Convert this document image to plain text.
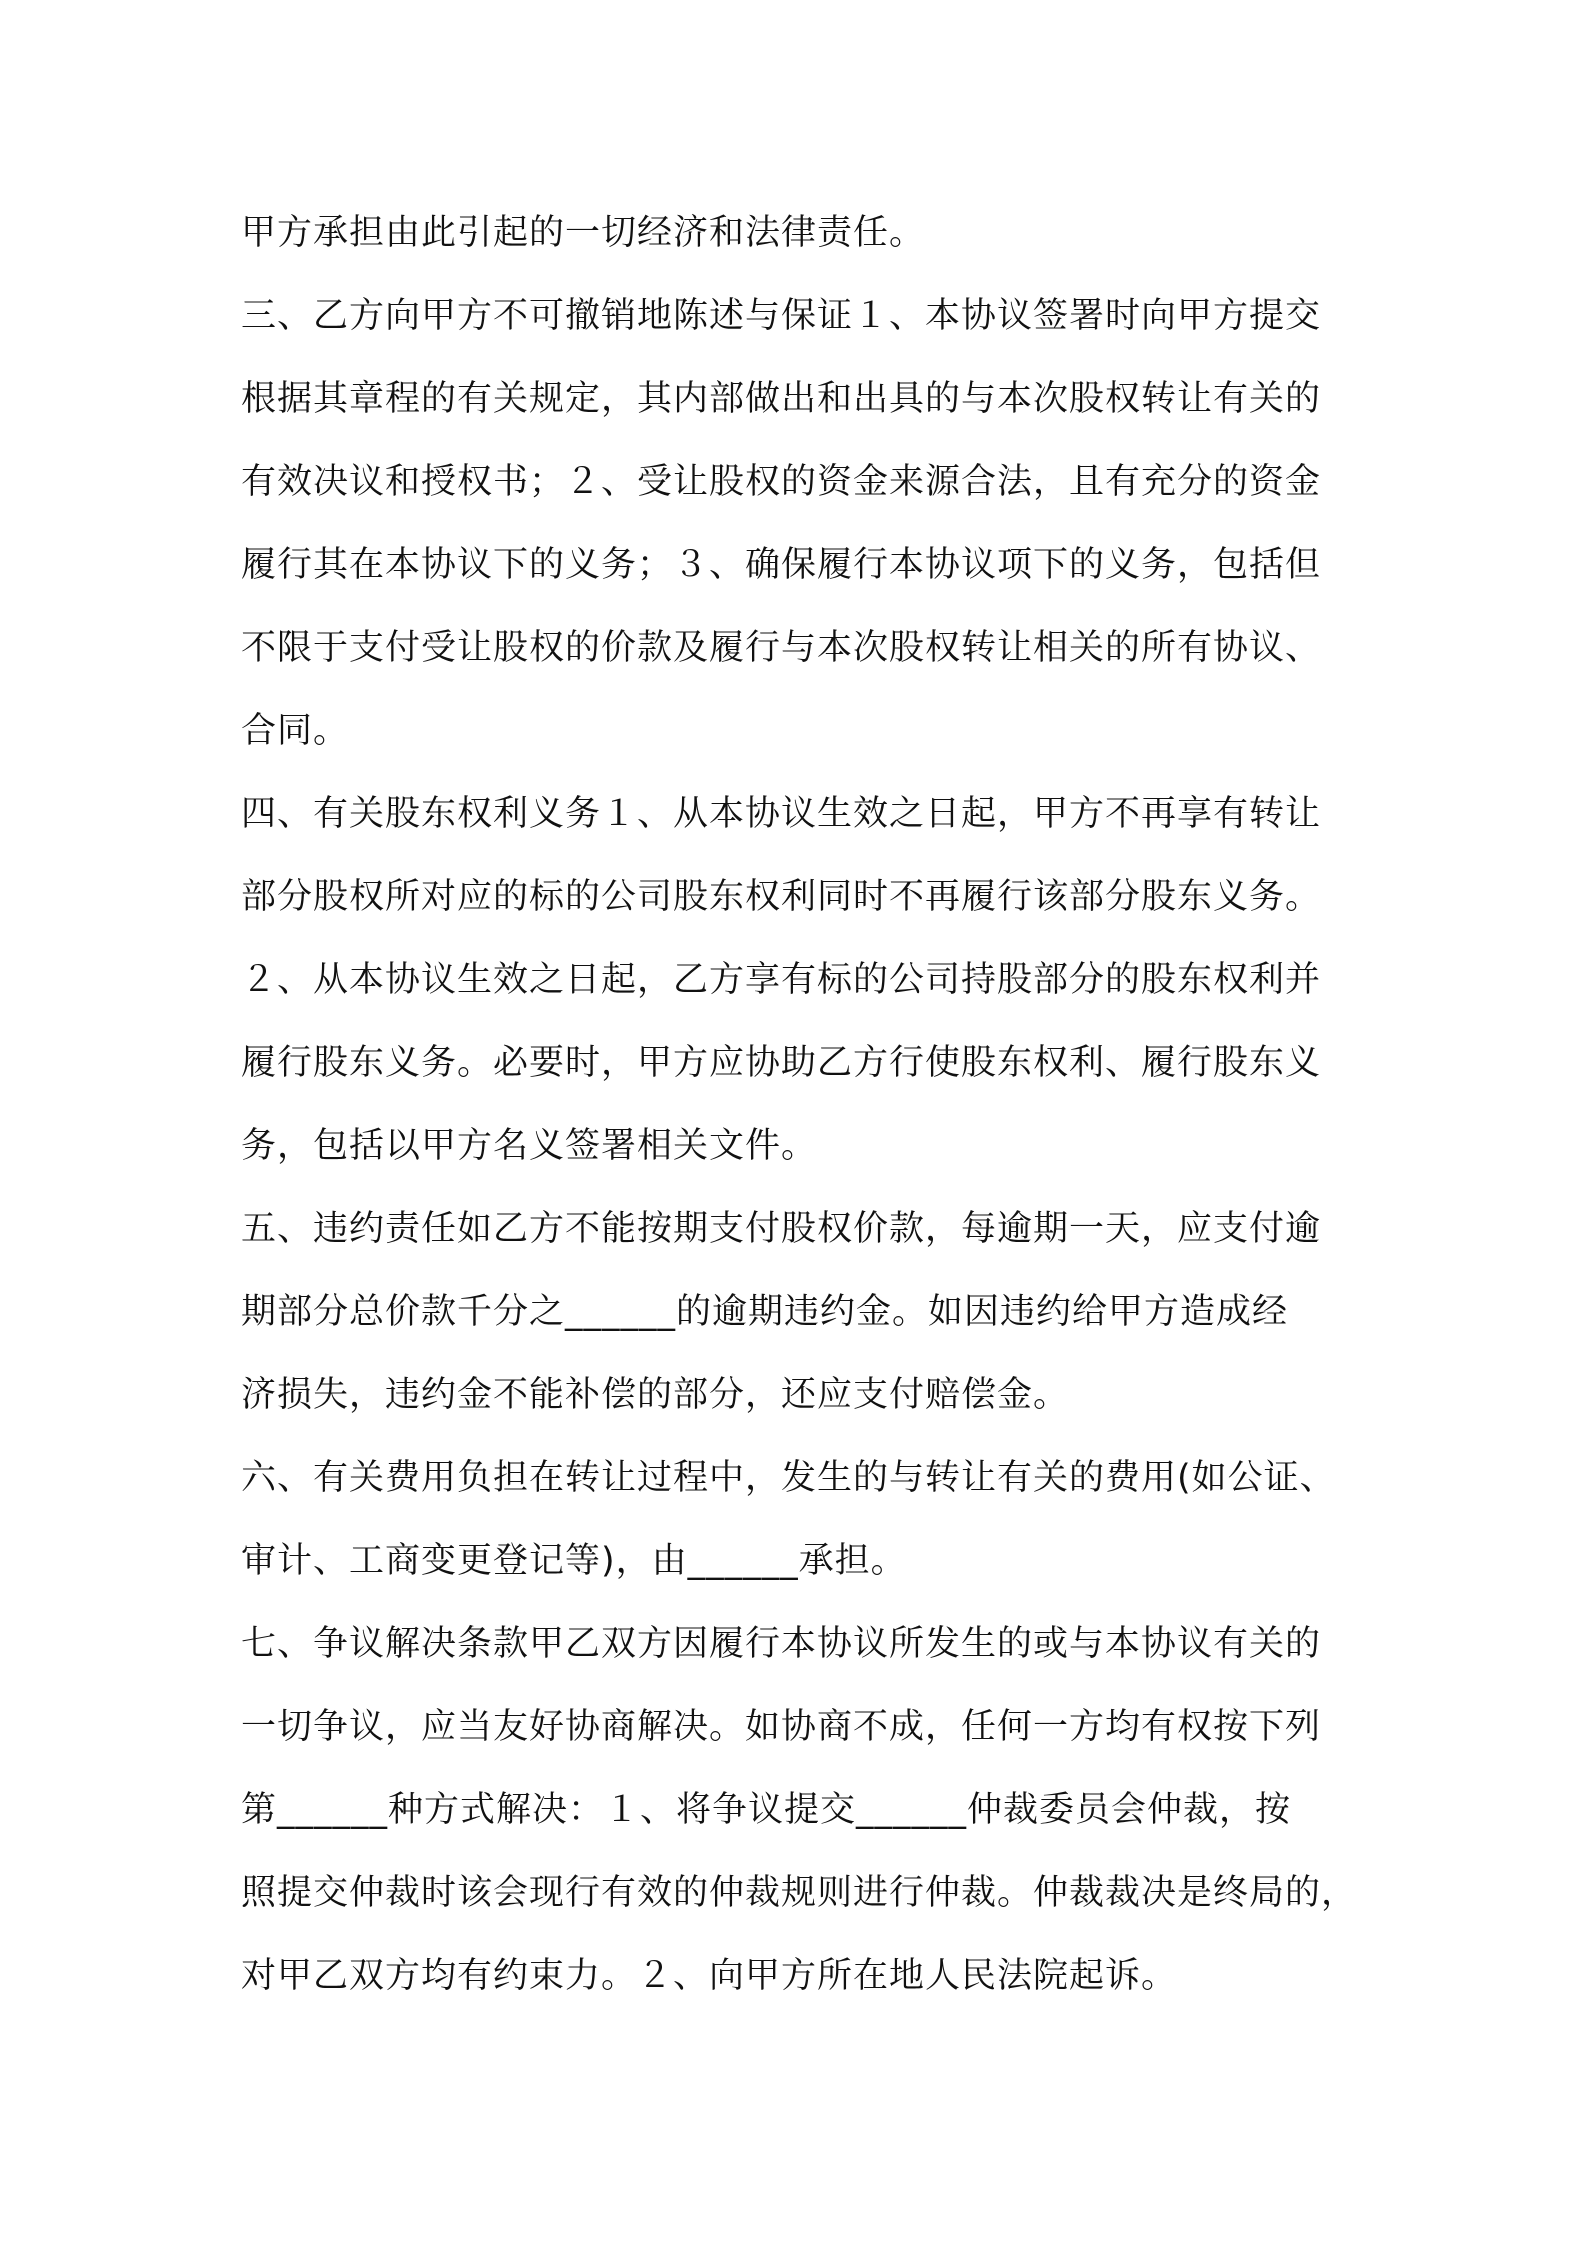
甲方承担由此引起的一切经济和法律责任。
三、乙方向甲方不可撤销地陈述与保证１、本协议签署时向甲方提交
根据其章程的有关规定，其内部做出和出具的与本次股权转让有关的
有效决议和授权书；２、受让股权的资金来源合法，且有充分的资金
履行其在本协议下的义务；３、确保履行本协议项下的义务，包括但
不限于支付受让股权的价款及履行与本次股权转让相关的所有协议、
合同。
四、有关股东权利义务１、从本协议生效之日起，甲方不再享有转让
部分股权所对应的标的公司股东权利同时不再履行该部分股东义务。
２、从本协议生效之日起，乙方享有标的公司持股部分的股东权利并
履行股东义务。必要时，甲方应协助乙方行使股东权利、履行股东义
务，包括以甲方名义签署相关文件。
五、违约责任如乙方不能按期支付股权价款，每逾期一天，应支付逾
期部分总价款千分之______的逾期违约金。如因违约给甲方造成经
济损失，违约金不能补偿的部分，还应支付赔偿金。
六、有关费用负担在转让过程中，发生的与转让有关的费用(如公证、
审计、工商变更登记等)，由______承担。
七、争议解决条款甲乙双方因履行本协议所发生的或与本协议有关的
一切争议，应当友好协商解决。如协商不成，任何一方均有权按下列
第______种方式解决：１、将争议提交______仲裁委员会仲裁，按
照提交仲裁时该会现行有效的仲裁规则进行仲裁。仲裁裁决是终局的，
对甲乙双方均有约束力。２、向甲方所在地人民法院起诉。
